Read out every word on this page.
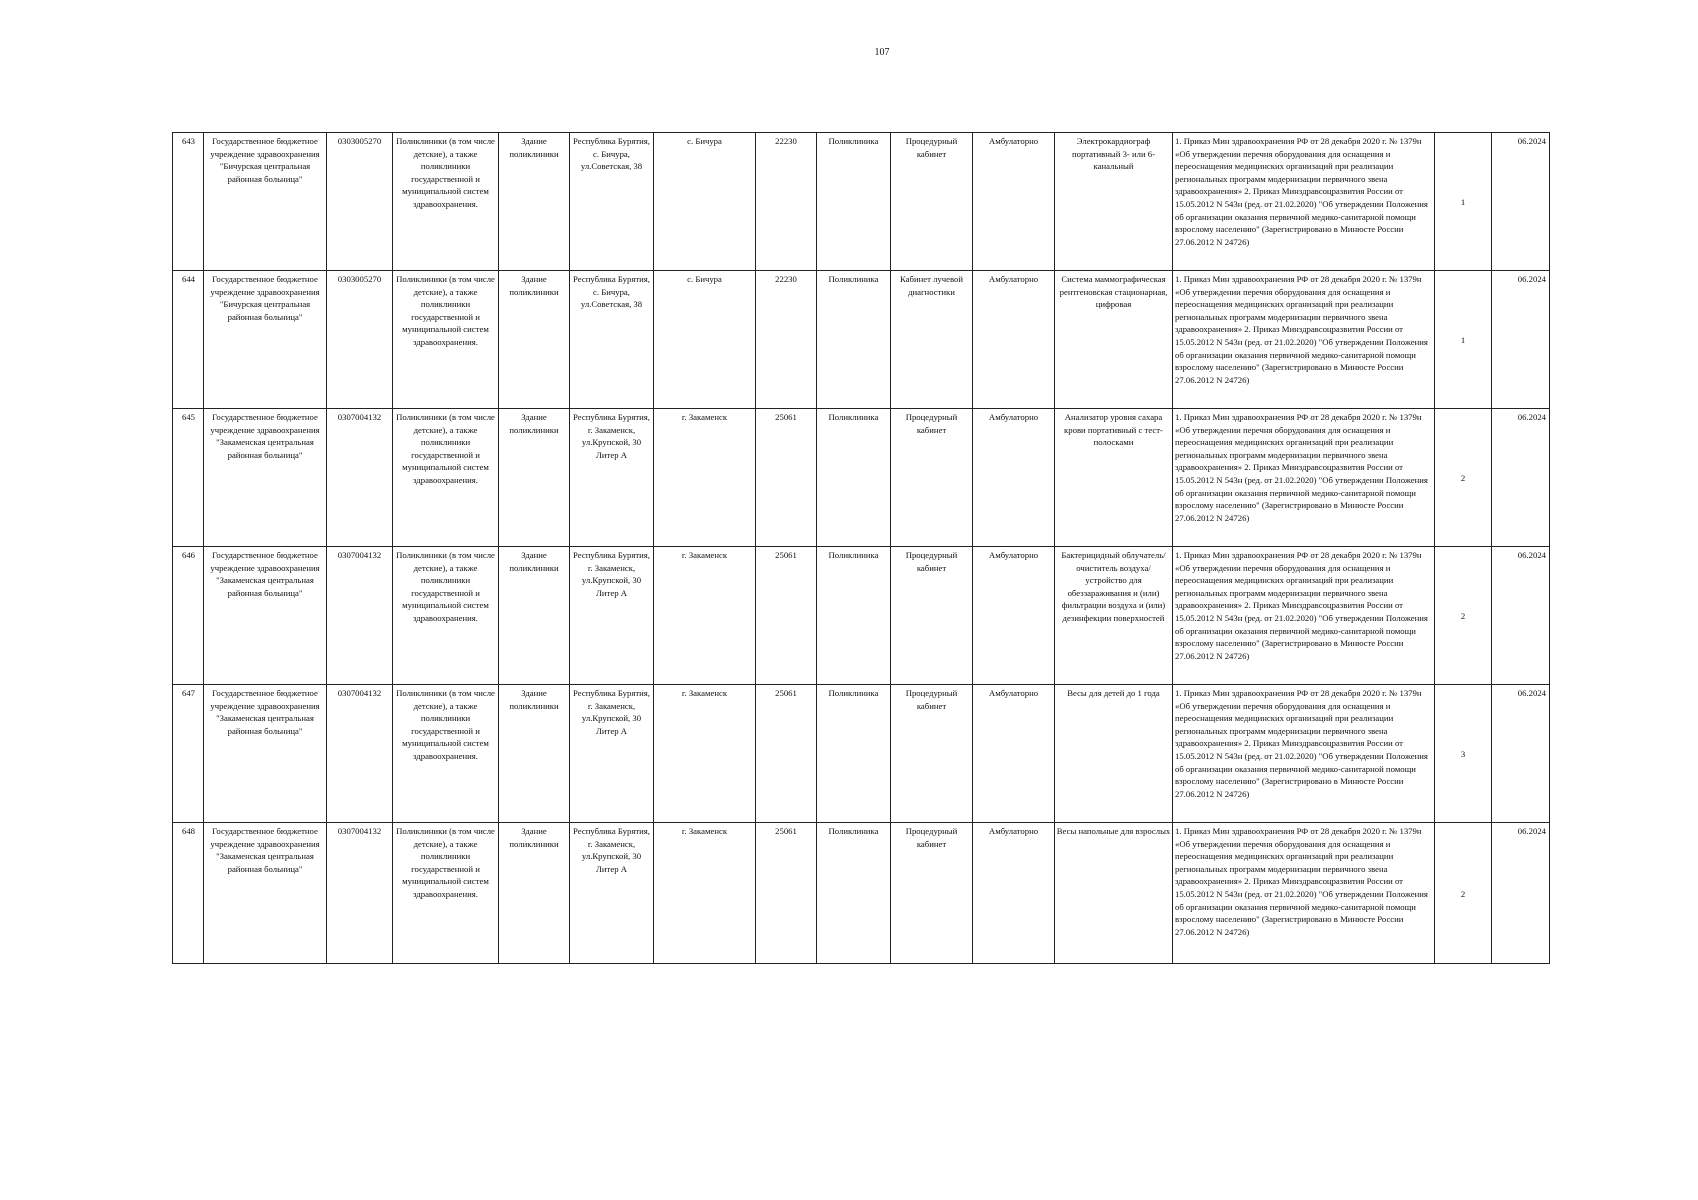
107
643	Государственное бюджетное учреждение здравоохранения "Бичурская центральная районная больница"	0303005270	Поликлиники (в том числе детские), а также поликлиники государственной и муниципальной систем здравоохранения.	Здание поликлиники	Республика Бурятия, с. Бичура, ул.Советская, 38	с. Бичура	22230	Поликлиника	Процедурный кабинет	Амбулаторно	Электрокардиограф портативный 3- или 6- канальный	1. Приказ Мин здравоохранения РФ от 28 декабря 2020 г. № 1379н «Об утверждении перечня оборудования для оснащения и переоснащения медицинских организаций при реализации региональных программ модернизации первичного звена здравоохранения» 2. Приказ Минздравсоцразвития России от 15.05.2012 N 543н (ред. от 21.02.2020) "Об утверждении Положения об организации оказания первичной медико-санитарной помощи взрослому населению" (Зарегистрировано в Минюсте России 27.06.2012 N 24726)	1	06.2024
644	Государственное бюджетное учреждение здравоохранения "Бичурская центральная районная больница"	0303005270	Поликлиники (в том числе детские), а также поликлиники государственной и муниципальной систем здравоохранения.	Здание поликлиники	Республика Бурятия, с. Бичура, ул.Советская, 38	с. Бичура	22230	Поликлиника	Кабинет лучевой диагностики	Амбулаторно	Система маммографическая рентгеновская стационарная, цифровая	1. Приказ Мин здравоохранения РФ от 28 декабря 2020 г. № 1379н «Об утверждении перечня оборудования для оснащения и переоснащения медицинских организаций при реализации региональных программ модернизации первичного звена здравоохранения» 2. Приказ Минздравсоцразвития России от 15.05.2012 N 543н (ред. от 21.02.2020) "Об утверждении Положения об организации оказания первичной медико-санитарной помощи взрослому населению" (Зарегистрировано в Минюсте России 27.06.2012 N 24726)	1	06.2024
645	Государственное бюджетное учреждение здравоохранения "Закаменская центральная районная больница"	0307004132	Поликлиники (в том числе детские), а также поликлиники государственной и муниципальной систем здравоохранения.	Здание поликлиники	Республика Бурятия, г. Закаменск, ул.Крупской, 30 Литер А	г. Закаменск	25061	Поликлиника	Процедурный кабинет	Амбулаторно	Анализатор уровня сахара крови портативный с тест-полосками	1. Приказ Мин здравоохранения РФ от 28 декабря 2020 г. № 1379н «Об утверждении перечня оборудования для оснащения и переоснащения медицинских организаций при реализации региональных программ модернизации первичного звена здравоохранения» 2. Приказ Минздравсоцразвития России от 15.05.2012 N 543н (ред. от 21.02.2020) "Об утверждении Положения об организации оказания первичной медико-санитарной помощи взрослому населению" (Зарегистрировано в Минюсте России 27.06.2012 N 24726)	2	06.2024
646	Государственное бюджетное учреждение здравоохранения "Закаменская центральная районная больница"	0307004132	Поликлиники (в том числе детские), а также поликлиники государственной и муниципальной систем здравоохранения.	Здание поликлиники	Республика Бурятия, г. Закаменск, ул.Крупской, 30 Литер А	г. Закаменск	25061	Поликлиника	Процедурный кабинет	Амбулаторно	Бактерицидный облучатель/очиститель воздуха/устройство для обеззараживания и (или) фильтрации воздуха и (или) дезинфекции поверхностей	1. Приказ Мин здравоохранения РФ от 28 декабря 2020 г. № 1379н «Об утверждении перечня оборудования для оснащения и переоснащения медицинских организаций при реализации региональных программ модернизации первичного звена здравоохранения» 2. Приказ Минздравсоцразвития России от 15.05.2012 N 543н (ред. от 21.02.2020) "Об утверждении Положения об организации оказания первичной медико-санитарной помощи взрослому населению" (Зарегистрировано в Минюсте России 27.06.2012 N 24726)	2	06.2024
647	Государственное бюджетное учреждение здравоохранения "Закаменская центральная районная больница"	0307004132	Поликлиники (в том числе детские), а также поликлиники государственной и муниципальной систем здравоохранения.	Здание поликлиники	Республика Бурятия, г. Закаменск, ул.Крупской, 30 Литер А	г. Закаменск	25061	Поликлиника	Процедурный кабинет	Амбулаторно	Весы для детей до 1 года	1. Приказ Мин здравоохранения РФ от 28 декабря 2020 г. № 1379н «Об утверждении перечня оборудования для оснащения и переоснащения медицинских организаций при реализации региональных программ модернизации первичного звена здравоохранения» 2. Приказ Минздравсоцразвития России от 15.05.2012 N 543н (ред. от 21.02.2020) "Об утверждении Положения об организации оказания первичной медико-санитарной помощи взрослому населению" (Зарегистрировано в Минюсте России 27.06.2012 N 24726)	3	06.2024
648	Государственное бюджетное учреждение здравоохранения "Закаменская центральная районная больница"	0307004132	Поликлиники (в том числе детские), а также поликлиники государственной и муниципальной систем здравоохранения.	Здание поликлиники	Республика Бурятия, г. Закаменск, ул.Крупской, 30 Литер А	г. Закаменск	25061	Поликлиника	Процедурный кабинет	Амбулаторно	Весы напольные для взрослых	1. Приказ Мин здравоохранения РФ от 28 декабря 2020 г. № 1379н «Об утверждении перечня оборудования для оснащения и переоснащения медицинских организаций при реализации региональных программ модернизации первичного звена здравоохранения» 2. Приказ Минздравсоцразвития России от 15.05.2012 N 543н (ред. от 21.02.2020) "Об утверждении Положения об организации оказания первичной медико-санитарной помощи взрослому населению" (Зарегистрировано в Минюсте России 27.06.2012 N 24726)	2	06.2024
